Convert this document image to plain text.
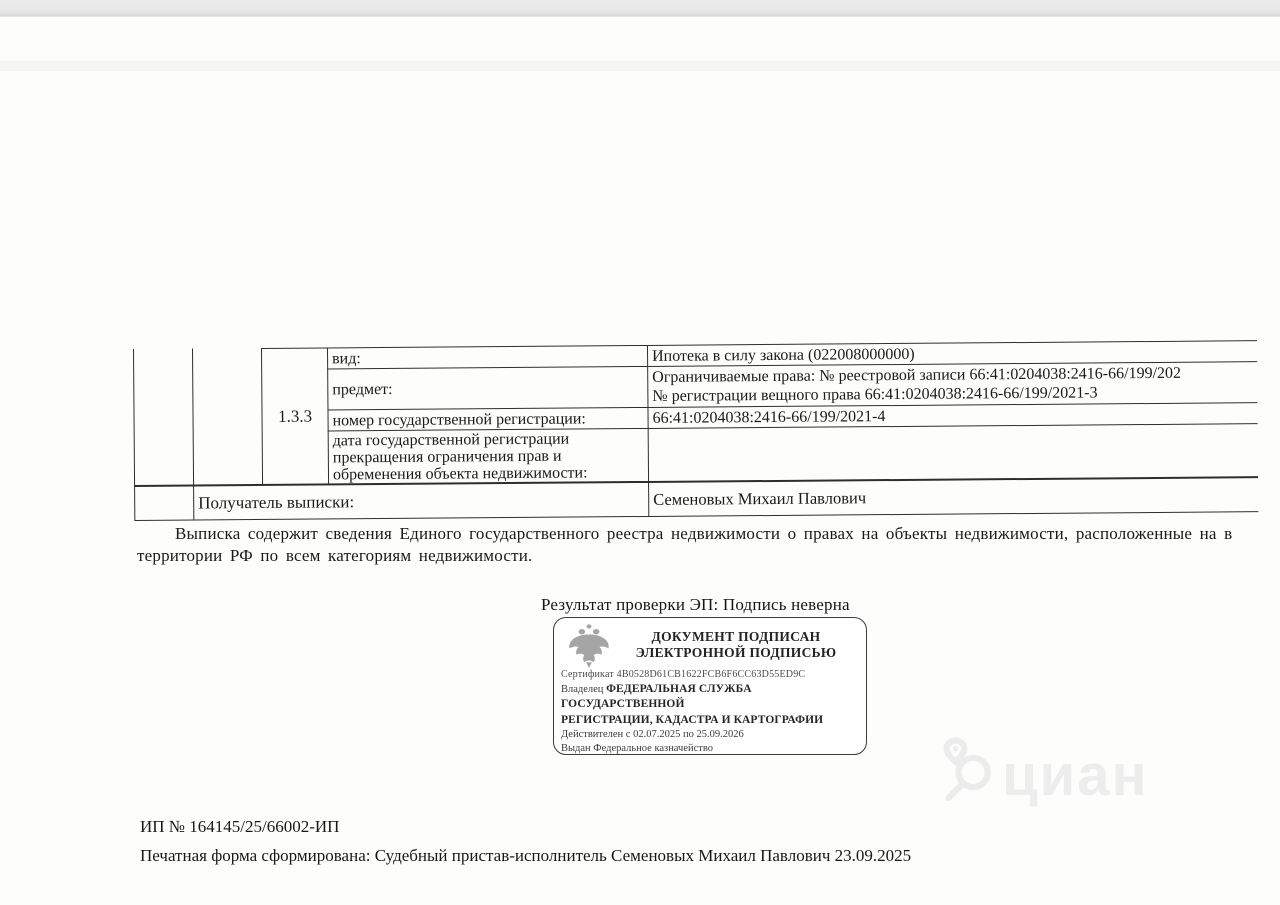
1.3.3
вид:	Ипотека в силу закона (022008000000)
предмет:
Ограничиваемые права: № реестровой записи 66:41:0204038:2416-66/199/202
№ регистрации вещного права 66:41:0204038:2416-66/199/2021-3
номер государственной регистрации:	66:41:0204038:2416-66/199/2021-4
дата государственной регистрации прекращения ограничения прав и обременения объекта недвижимости:
Получатель выписки:	Семеновых Михаил Павлович
Выписка содержит сведения Единого государственного реестра недвижимости о правах на объекты недвижимости, расположенные на в
территории РФ по всем категориям недвижимости.
Результат проверки ЭП: Подпись неверна
ДОКУМЕНТ ПОДПИСАН
ЭЛЕКТРОННОЙ ПОДПИСЬЮ
Сертификат 4B0528D61CB1622FCB6F6CC63D55ED9C
Владелец ФЕДЕРАЛЬНАЯ СЛУЖБА ГОСУДАРСТВЕННОЙ
РЕГИСТРАЦИИ, КАДАСТРА И КАРТОГРАФИИ
Действителен с 02.07.2025 по 25.09.2026
Выдан Федеральное казначейство	циан
ИП № 164145/25/66002-ИП
Печатная форма сформирована: Судебный пристав-исполнитель Семеновых Михаил Павлович 23.09.2025
